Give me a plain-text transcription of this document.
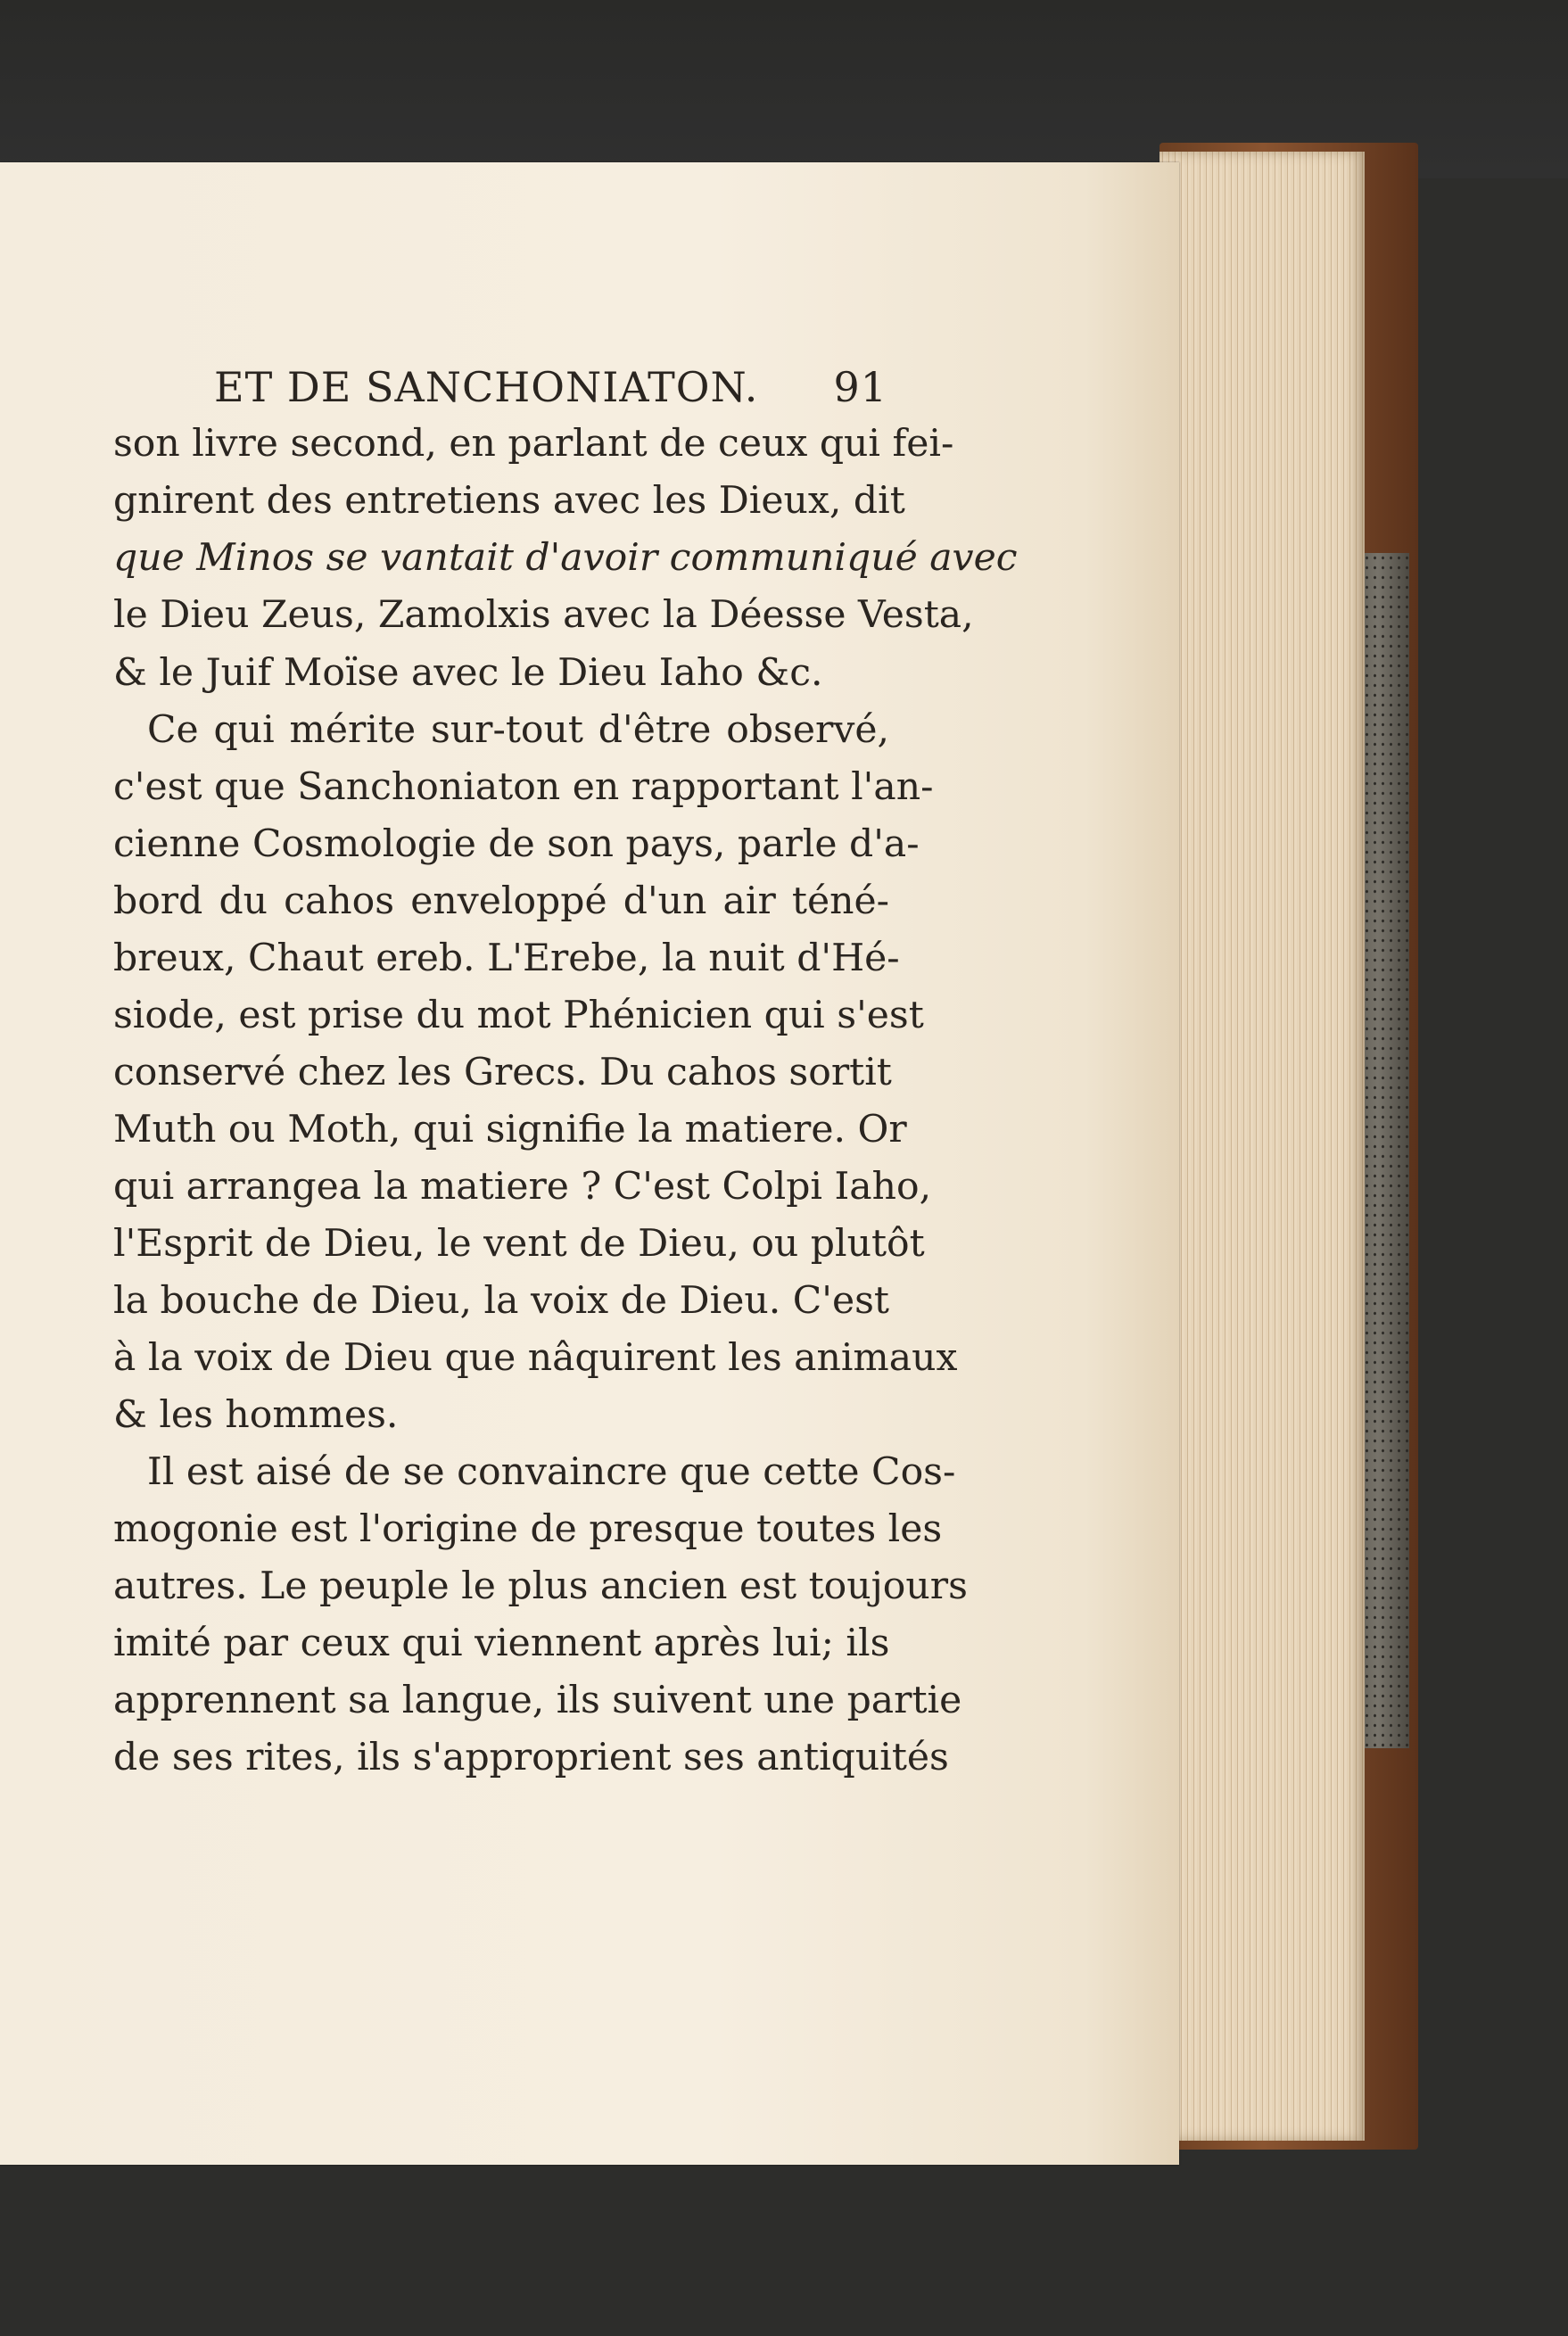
ET DE SANCHONIATON. 91
son livre second, en parlant de ceux qui fei-
gnirent des entretiens avec les Dieux, dit
que Minos se vantait d'avoir communiqué avec
le Dieu Zeus, Zamolxis avec la Déesse Vesta,
& le Juif Moïse avec le Dieu Iaho &c.
Ce qui mérite sur-tout d'être observé,
c'est que Sanchoniaton en rapportant l'an-
cienne Cosmologie de son pays, parle d'a-
bord du cahos enveloppé d'un air téné-
breux, Chaut ereb. L'Erebe, la nuit d'Hé-
siode, est prise du mot Phénicien qui s'est
conservé chez les Grecs. Du cahos sortit
Muth ou Moth, qui signifie la matiere. Or
qui arrangea la matiere ? C'est Colpi Iaho,
l'Esprit de Dieu, le vent de Dieu, ou plutôt
la bouche de Dieu, la voix de Dieu. C'est
à la voix de Dieu que nâquirent les animaux
& les hommes.
Il est aisé de se convaincre que cette Cos-
mogonie est l'origine de presque toutes les
autres. Le peuple le plus ancien est toujours
imité par ceux qui viennent après lui; ils
apprennent sa langue, ils suivent une partie
de ses rites, ils s'approprient ses antiquités
